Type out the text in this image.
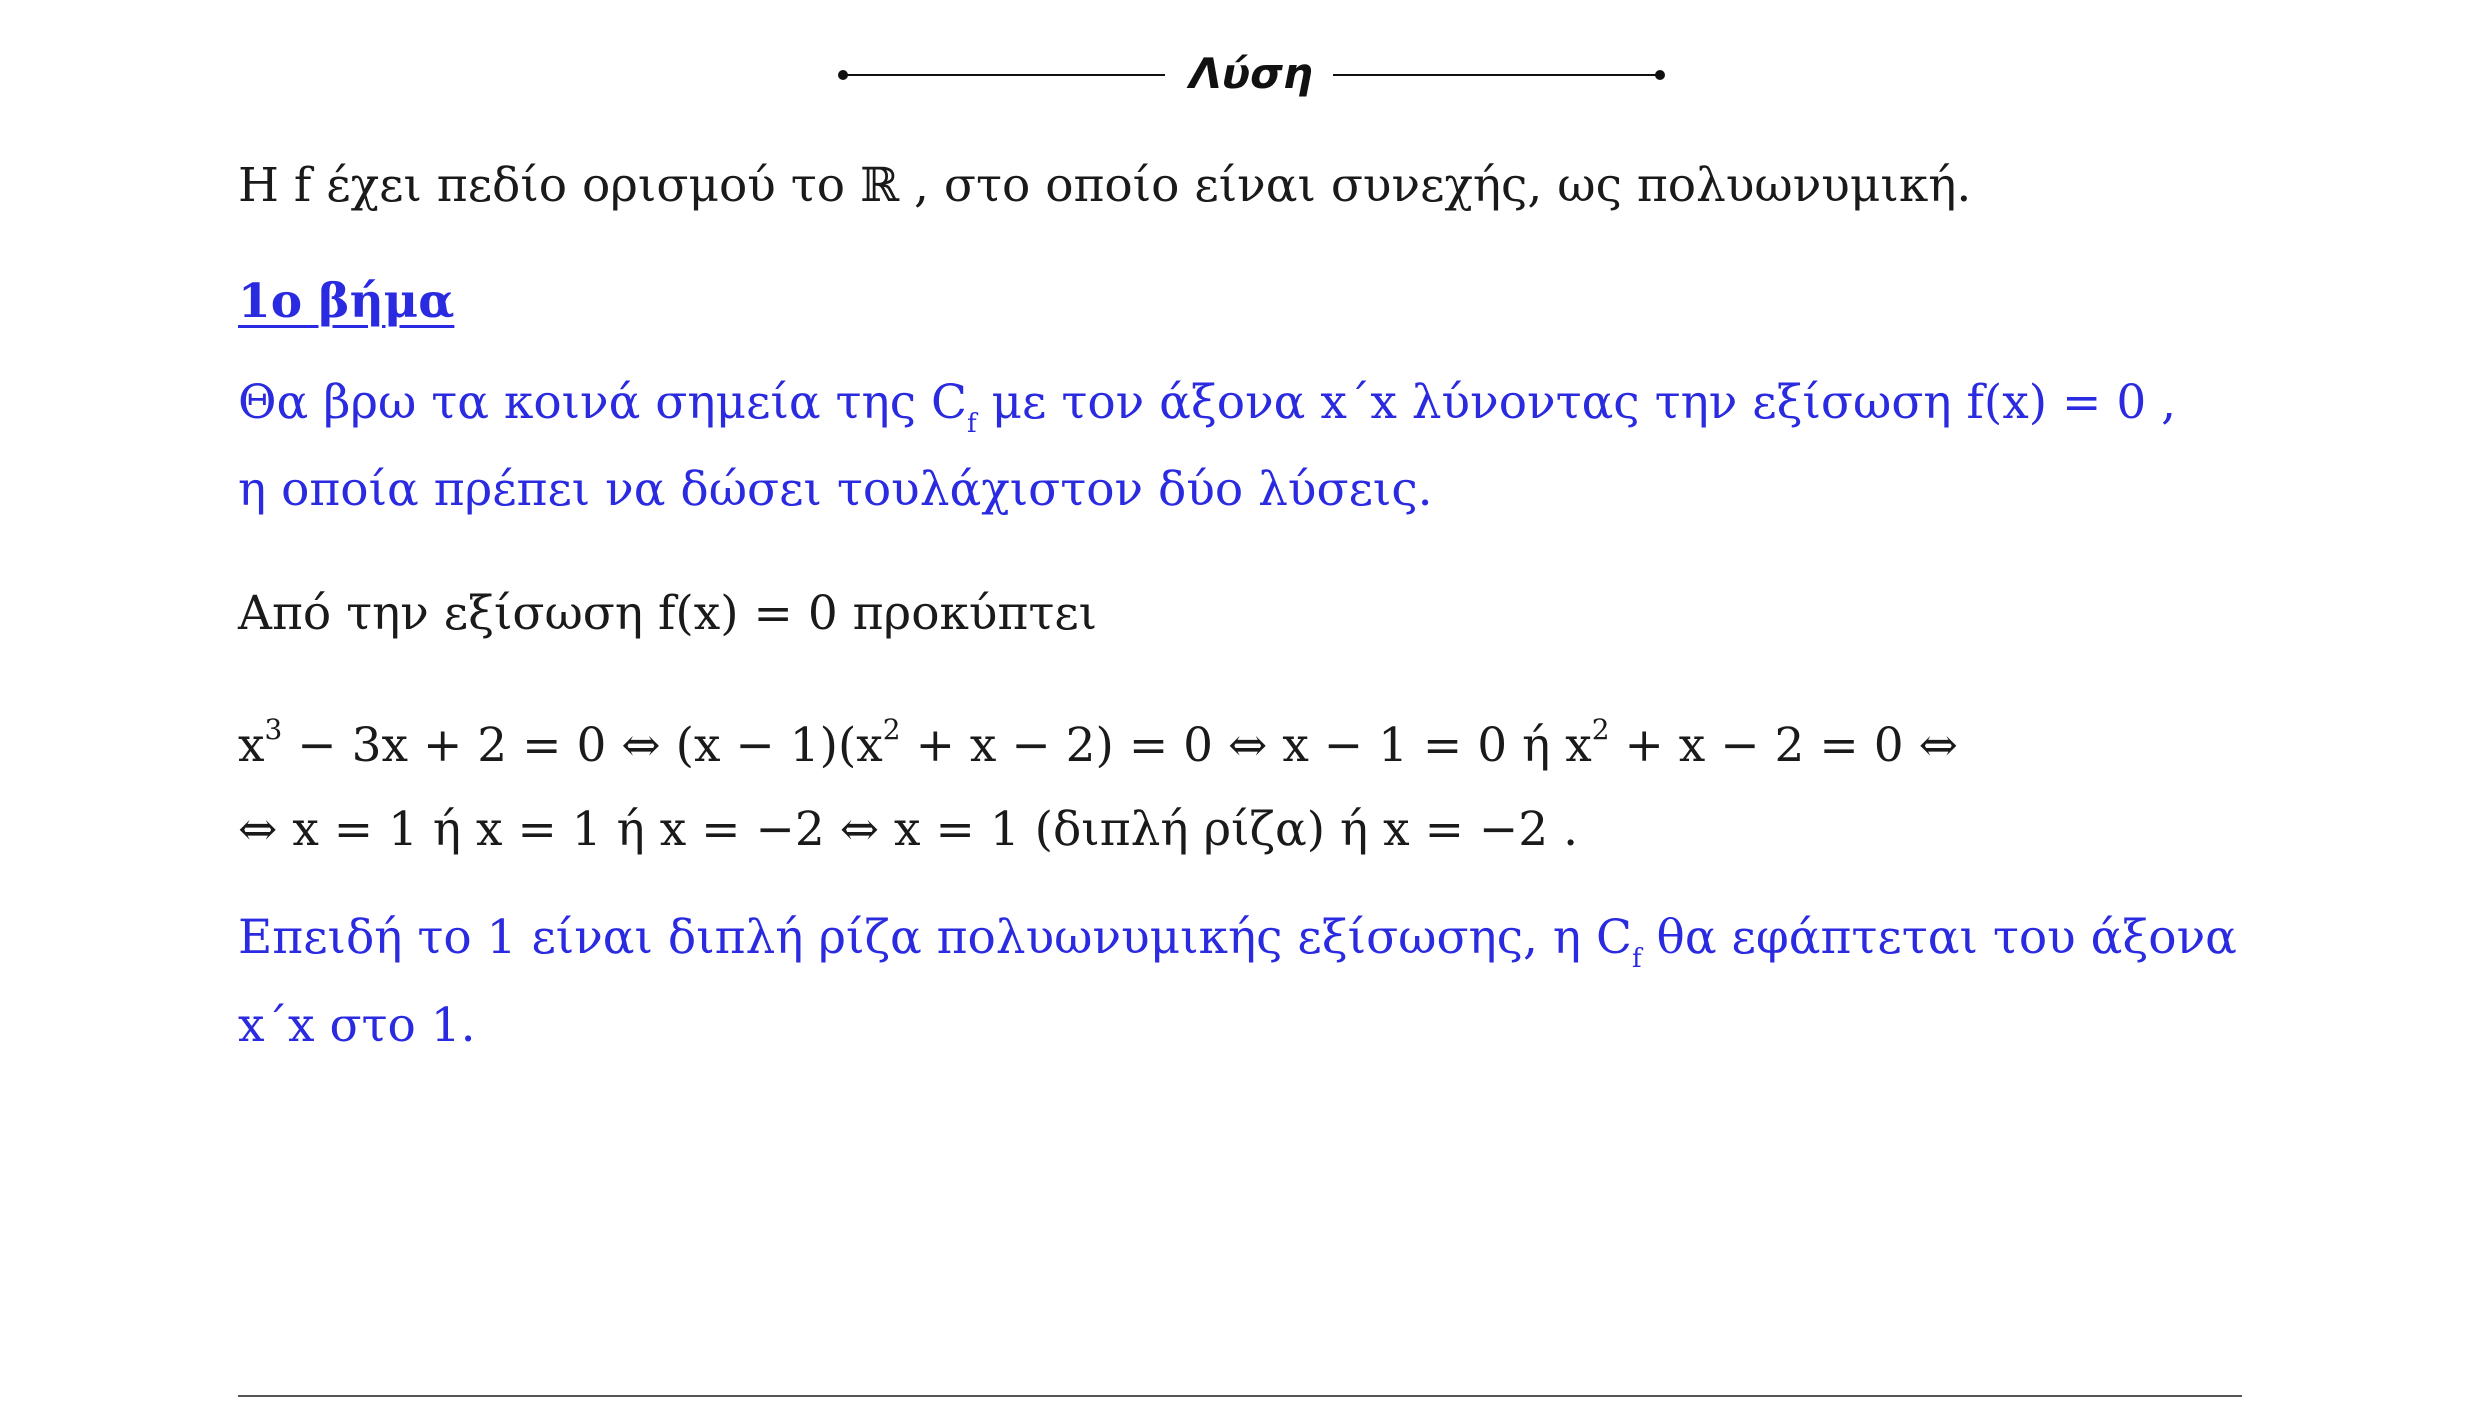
Λύση
Η f έχει πεδίο ορισμού το ℝ , στο οποίο είναι συνεχής, ως πολυωνυμική.
1ο βήμα
Θα βρω τα κοινά σημεία της $C_f$ με τον άξονα x΄x λύνοντας την εξίσωση f(x) = 0 ,
η οποία πρέπει να δώσει τουλάχιστον δύο λύσεις.
Από την εξίσωση f(x) = 0 προκύπτει
$x^3 - 3x + 2 = 0$ ⇔ $(x - 1)(x^2 + x - 2) = 0$ ⇔ x − 1 = 0 ή $x^2 + x - 2 = 0$ ⇔
⇔ x = 1 ή x = 1 ή x = −2 ⇔ x = 1 (διπλή ρίζα) ή x = −2 .
Επειδή το 1 είναι διπλή ρίζα πολυωνυμικής εξίσωσης, η $C_f$ θα εφάπτεται του άξονα
x΄x στο 1.
